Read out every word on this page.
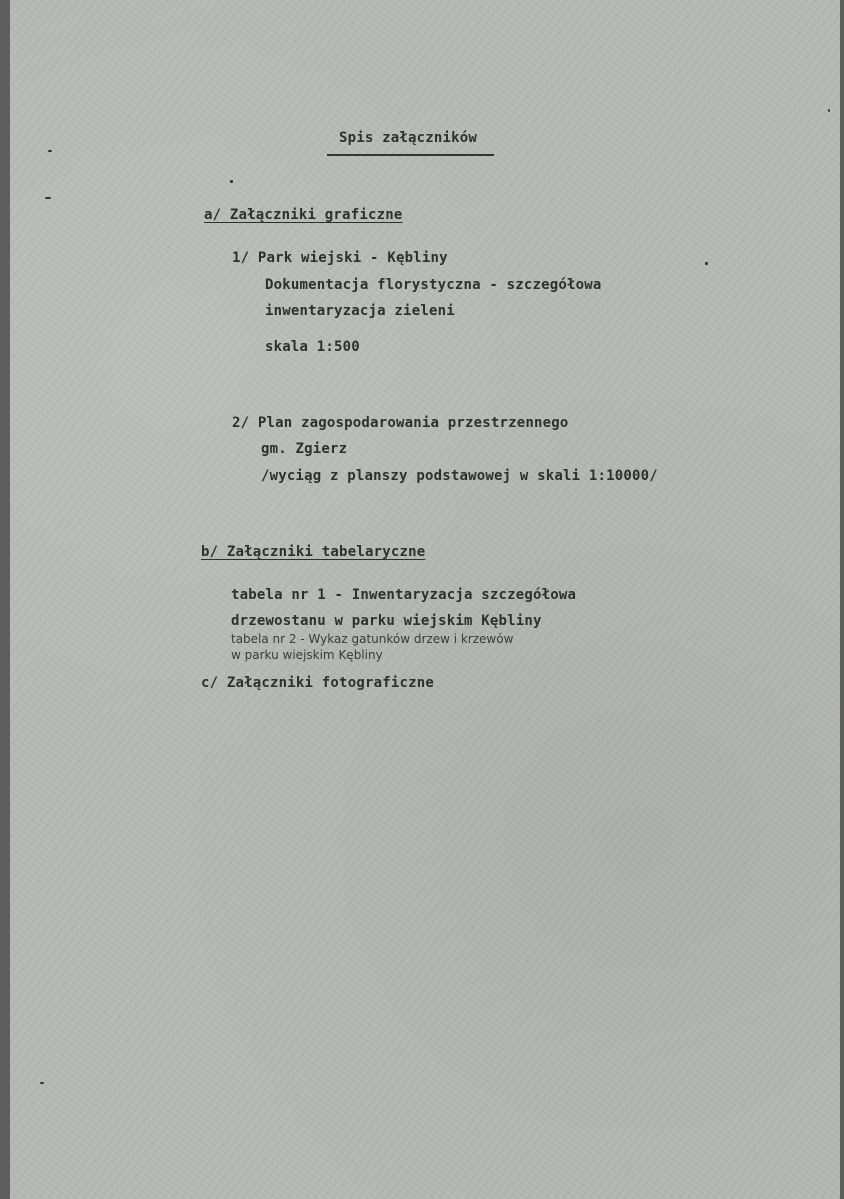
Spis załączników
a/ Załączniki graficzne
1/ Park wiejski - Kębliny
Dokumentacja florystyczna - szczegółowa
inwentaryzacja zieleni
skala 1:500
2/ Plan zagospodarowania przestrzennego
gm. Zgierz
/wyciąg z planszy podstawowej w skali 1:10000/
b/ Załączniki tabelaryczne
tabela nr 1 - Inwentaryzacja szczegółowa
drzewostanu w parku wiejskim Kębliny
tabela nr 2 - Wykaz gatunków drzew i krzewów
w parku wiejskim Kębliny
c/ Załączniki fotograficzne
